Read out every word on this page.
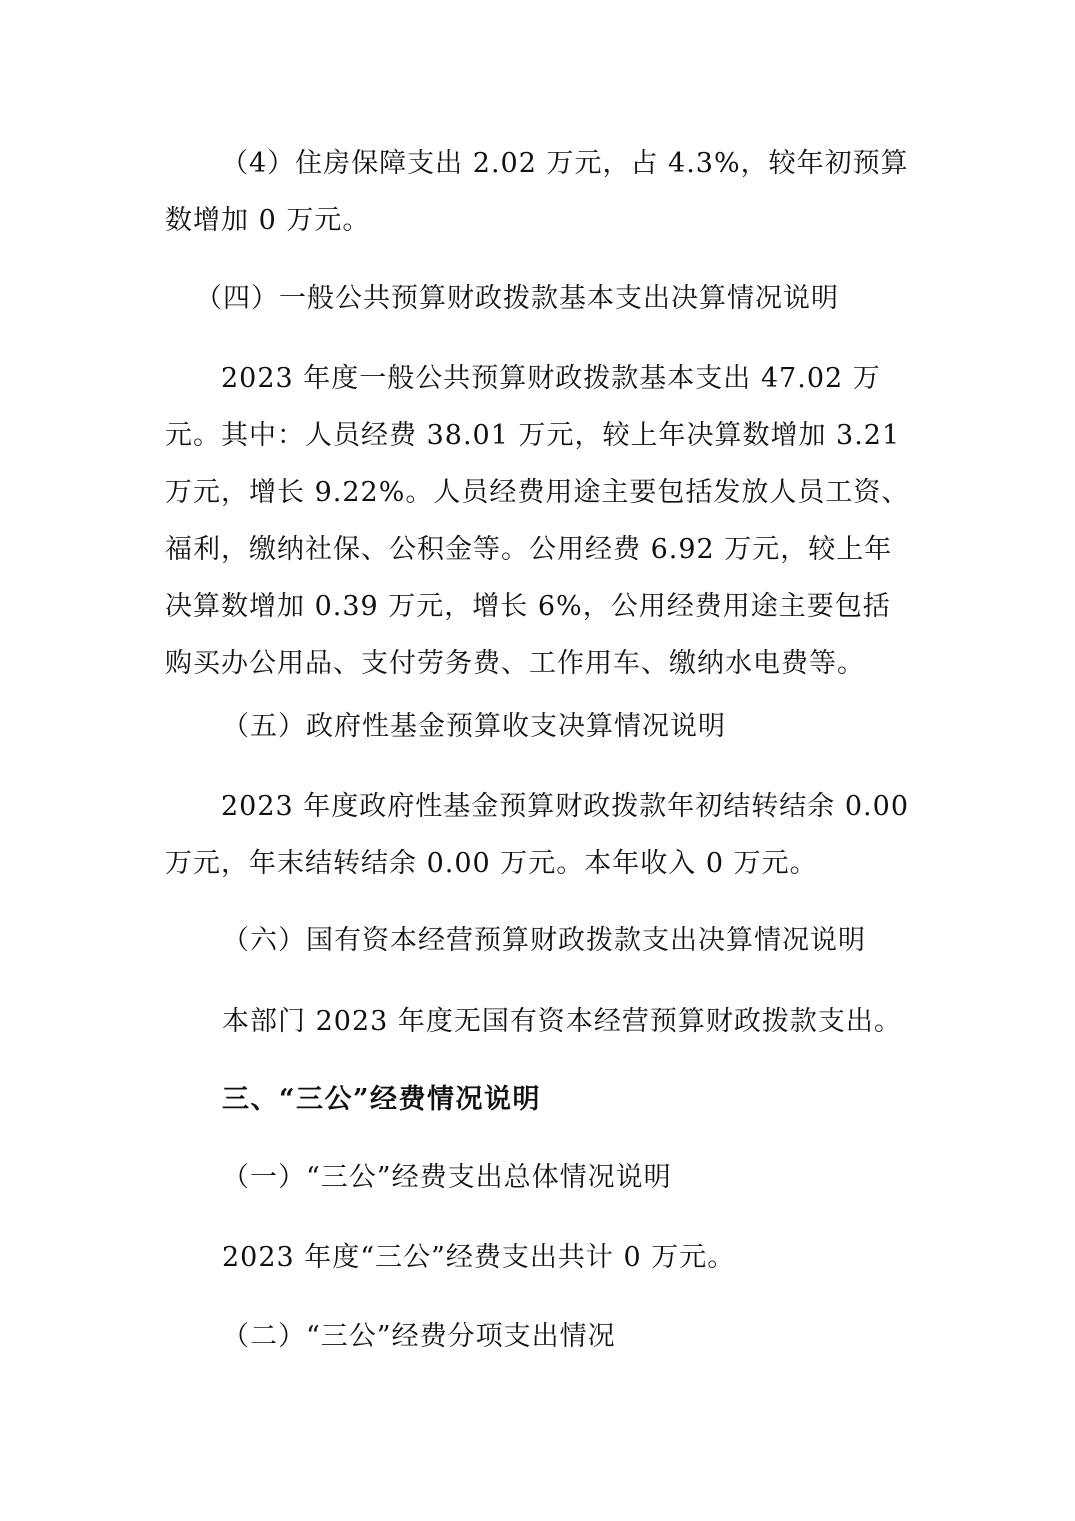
（4）住房保障支出 2.02 万元，占 4.3%，较年初预算数增加 0 万元。

（四）一般公共预算财政拨款基本支出决算情况说明

2023 年度一般公共预算财政拨款基本支出 47.02 万元。其中：人员经费 38.01 万元，较上年决算数增加 3.21 万元，增长 9.22%。人员经费用途主要包括发放人员工资、福利，缴纳社保、公积金等。公用经费 6.92 万元，较上年决算数增加 0.39 万元，增长 6%，公用经费用途主要包括购买办公用品、支付劳务费、工作用车、缴纳水电费等。

（五）政府性基金预算收支决算情况说明

2023 年度政府性基金预算财政拨款年初结转结余 0.00 万元，年末结转结余 0.00 万元。本年收入 0 万元。

（六）国有资本经营预算财政拨款支出决算情况说明

本部门 2023 年度无国有资本经营预算财政拨款支出。

三、“三公”经费情况说明

（一）“三公”经费支出总体情况说明

2023 年度“三公”经费支出共计 0 万元。

（二）“三公”经费分项支出情况
